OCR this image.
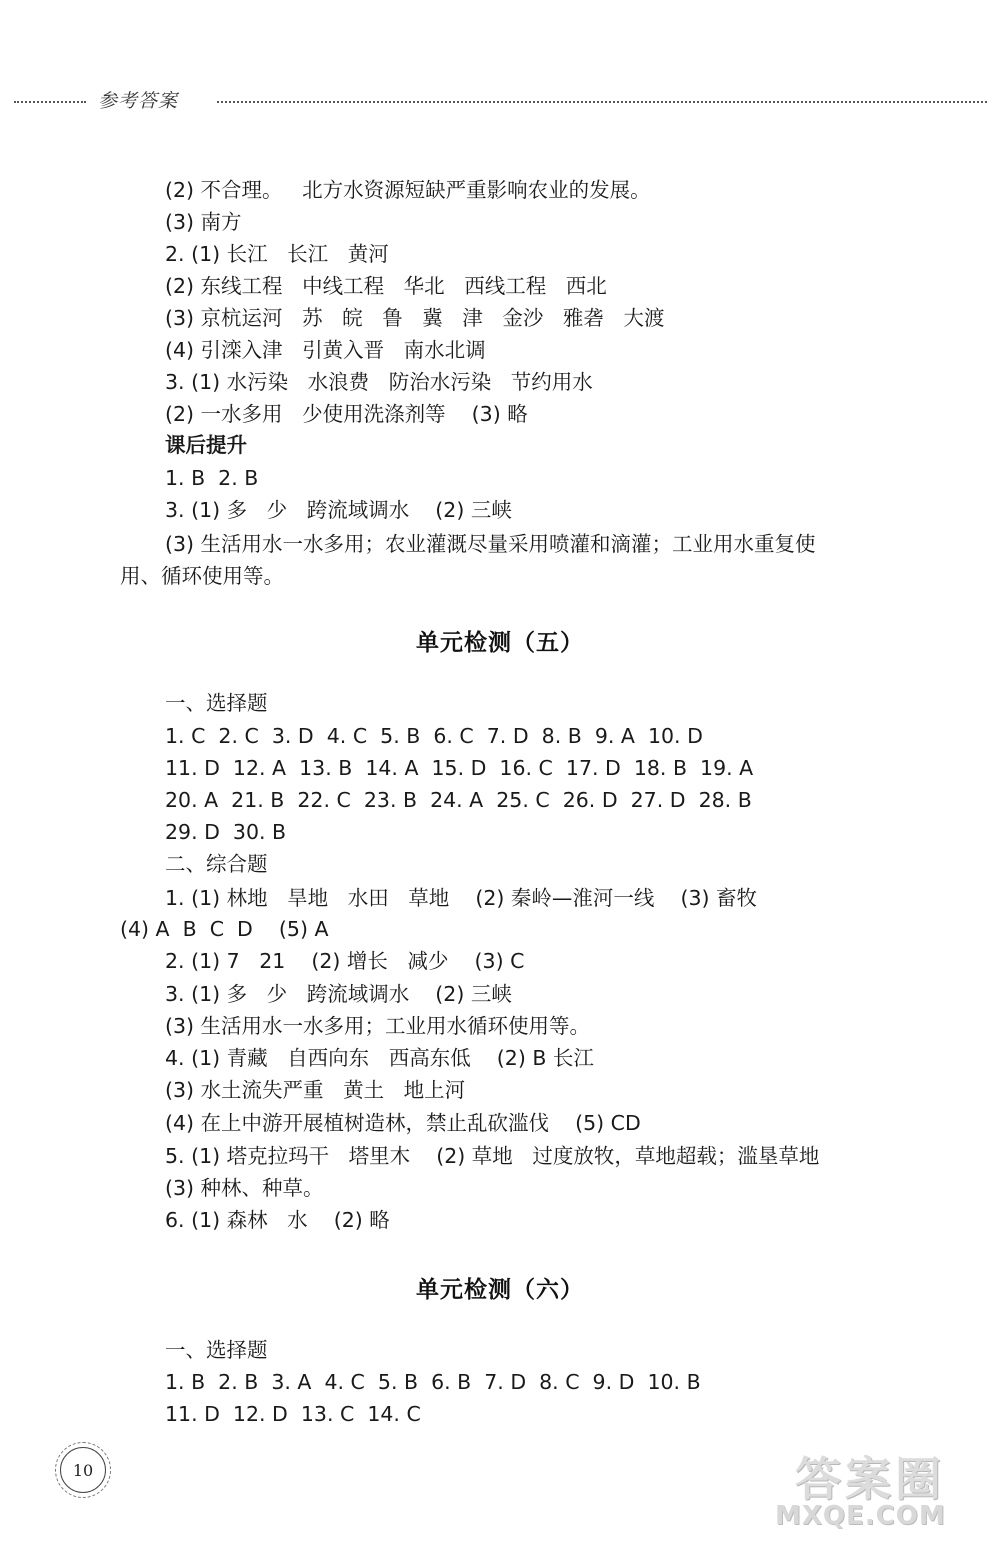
参考答案
(2) 不合理。   北方水资源短缺严重影响农业的发展。
(3) 南方
2. (1) 长江   长江   黄河
(2) 东线工程   中线工程   华北   西线工程   西北
(3) 京杭运河   苏   皖   鲁   冀   津   金沙   雅砻   大渡
(4) 引滦入津   引黄入晋   南水北调
3. (1) 水污染   水浪费   防治水污染   节约用水
(2) 一水多用   少使用洗涤剂等    (3) 略
课后提升
1. B  2. B
3. (1) 多   少   跨流域调水    (2) 三峡
(3) 生活用水一水多用；农业灌溉尽量采用喷灌和滴灌；工业用水重复使
用、循环使用等。
单元检测（五）
一、选择题
1. C  2. C  3. D  4. C  5. B  6. C  7. D  8. B  9. A  10. D
11. D  12. A  13. B  14. A  15. D  16. C  17. D  18. B  19. A
20. A  21. B  22. C  23. B  24. A  25. C  26. D  27. D  28. B
29. D  30. B
二、综合题
1. (1) 林地   旱地   水田   草地    (2) 秦岭—淮河一线    (3) 畜牧
(4) A  B  C  D    (5) A
2. (1) 7   21    (2) 增长   减少    (3) C
3. (1) 多   少   跨流域调水    (2) 三峡
(3) 生活用水一水多用；工业用水循环使用等。
4. (1) 青藏   自西向东   西高东低    (2) B 长江
(3) 水土流失严重   黄土   地上河
(4) 在上中游开展植树造林，禁止乱砍滥伐    (5) CD
5. (1) 塔克拉玛干   塔里木    (2) 草地   过度放牧，草地超载；滥垦草地
(3) 种林、种草。
6. (1) 森林   水    (2) 略
单元检测（六）
一、选择题
1. B  2. B  3. A  4. C  5. B  6. B  7. D  8. C  9. D  10. B
11. D  12. D  13. C  14. C
10	答案圈
MXQE.COM
